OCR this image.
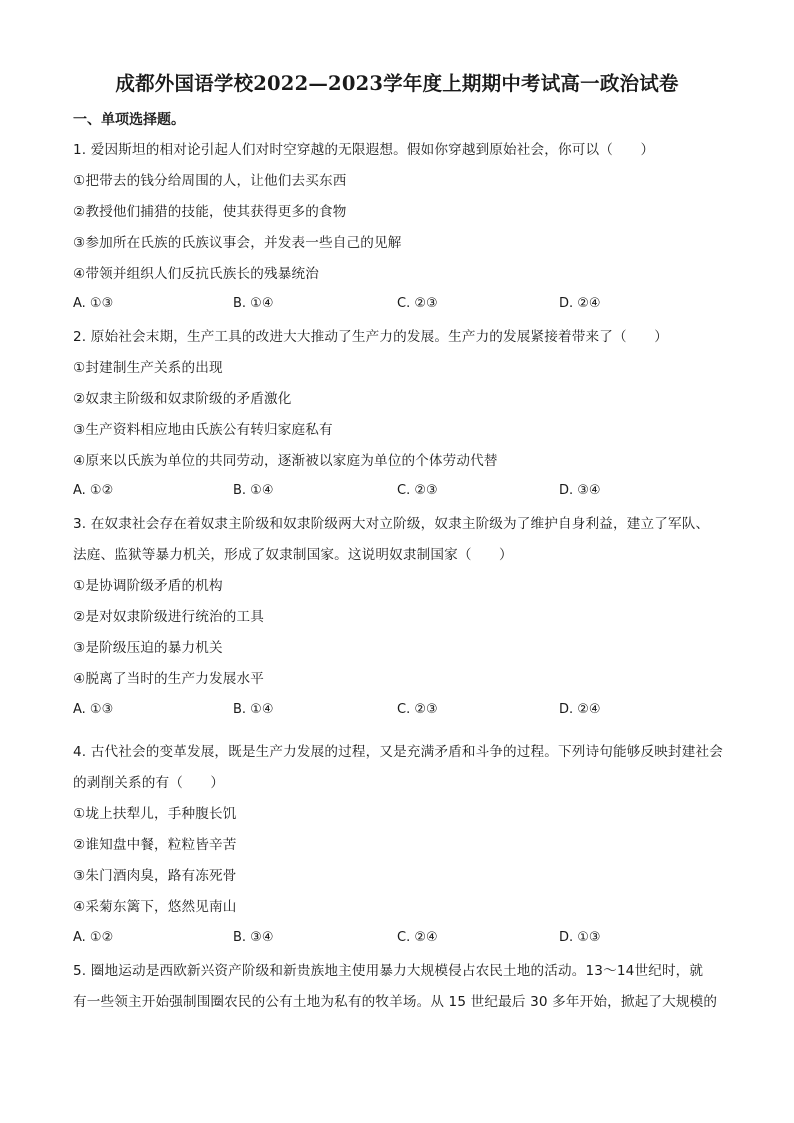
成都外国语学校2022—2023学年度上期期中考试高一政治试卷
一、单项选择题。
1. 爱因斯坦的相对论引起人们对时空穿越的无限遐想。假如你穿越到原始社会，你可以（　　）
①把带去的钱分给周围的人，让他们去买东西
②教授他们捕猎的技能，使其获得更多的食物
③参加所在氏族的氏族议事会，并发表一些自己的见解
④带领并组织人们反抗氏族长的残暴统治
A. ①③	B. ①④	C. ②③	D. ②④
2. 原始社会末期，生产工具的改进大大推动了生产力的发展。生产力的发展紧接着带来了（　　）
①封建制生产关系的出现
②奴隶主阶级和奴隶阶级的矛盾激化
③生产资料相应地由氏族公有转归家庭私有
④原来以氏族为单位的共同劳动，逐渐被以家庭为单位的个体劳动代替
A. ①②	B. ①④	C. ②③	D. ③④
3. 在奴隶社会存在着奴隶主阶级和奴隶阶级两大对立阶级，奴隶主阶级为了维护自身利益，建立了军队、
法庭、监狱等暴力机关，形成了奴隶制国家。这说明奴隶制国家（　　）
①是协调阶级矛盾的机构
②是对奴隶阶级进行统治的工具
③是阶级压迫的暴力机关
④脱离了当时的生产力发展水平
A. ①③	B. ①④	C. ②③	D. ②④
4. 古代社会的变革发展，既是生产力发展的过程，又是充满矛盾和斗争的过程。下列诗句能够反映封建社会
的剥削关系的有（　　）
①垅上扶犁儿，手种腹长饥
②谁知盘中餐，粒粒皆辛苦
③朱门酒肉臭，路有冻死骨
④采菊东篱下，悠然见南山
A. ①②	B. ③④	C. ②④	D. ①③
5. 圈地运动是西欧新兴资产阶级和新贵族地主使用暴力大规模侵占农民土地的活动。13～14世纪时，就
有一些领主开始强制围圈农民的公有土地为私有的牧羊场。从 15 世纪最后 30 多年开始，掀起了大规模的
